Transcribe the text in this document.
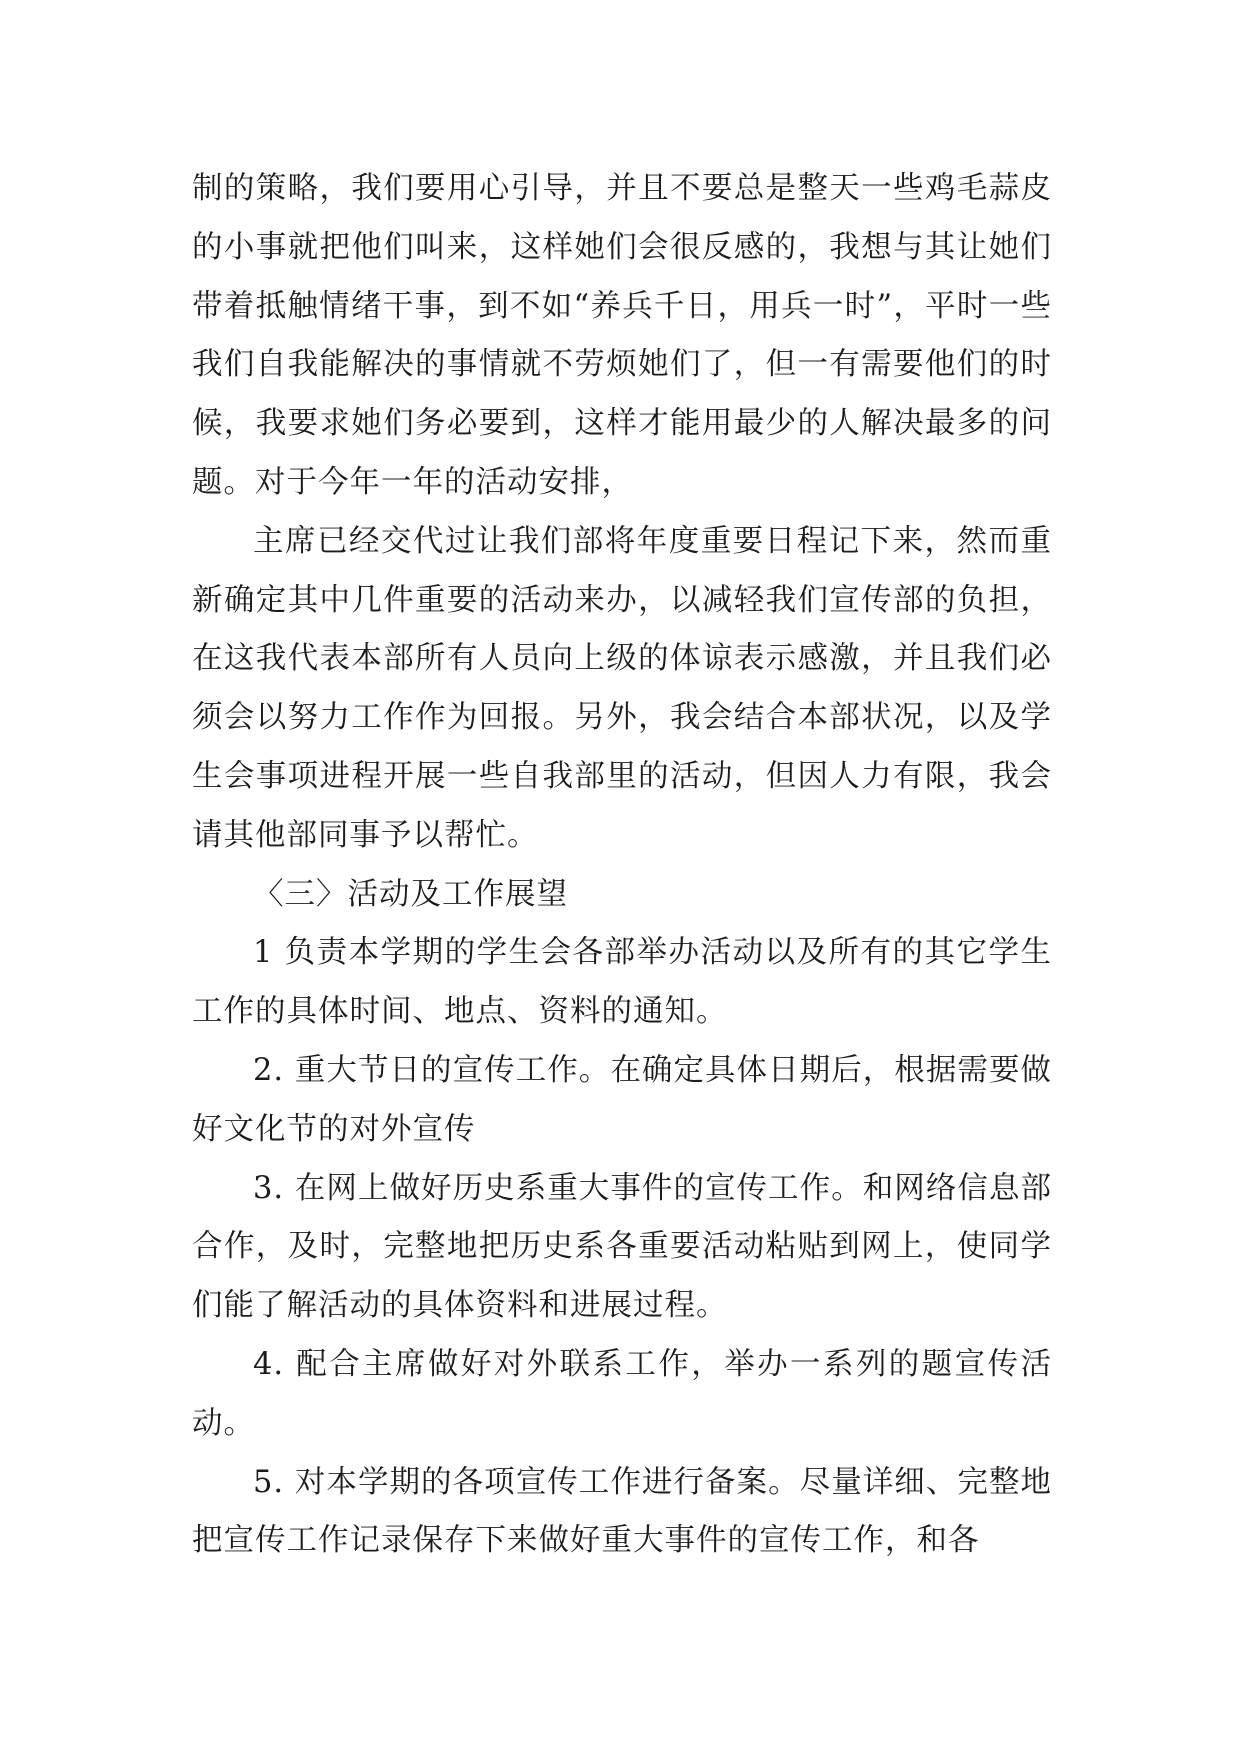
制的策略，我们要用心引导，并且不要总是整天一些鸡毛蒜皮的小事就把他们叫来，这样她们会很反感的，我想与其让她们带着抵触情绪干事，到不如“养兵千日，用兵一时”，平时一些我们自我能解决的事情就不劳烦她们了，但一有需要他们的时候，我要求她们务必要到，这样才能用最少的人解决最多的问题。对于今年一年的活动安排，

主席已经交代过让我们部将年度重要日程记下来，然而重新确定其中几件重要的活动来办，以减轻我们宣传部的负担，在这我代表本部所有人员向上级的体谅表示感激，并且我们必须会以努力工作作为回报。另外，我会结合本部状况，以及学生会事项进程开展一些自我部里的活动，但因人力有限，我会请其他部同事予以帮忙。

〈三〉活动及工作展望

1 负责本学期的学生会各部举办活动以及所有的其它学生工作的具体时间、地点、资料的通知。

2. 重大节日的宣传工作。在确定具体日期后，根据需要做好文化节的对外宣传

3. 在网上做好历史系重大事件的宣传工作。和网络信息部合作，及时，完整地把历史系各重要活动粘贴到网上，使同学们能了解活动的具体资料和进展过程。

4. 配合主席做好对外联系工作，举办一系列的题宣传活动。

5. 对本学期的各项宣传工作进行备案。尽量详细、完整地把宣传工作记录保存下来做好重大事件的宣传工作，和各
